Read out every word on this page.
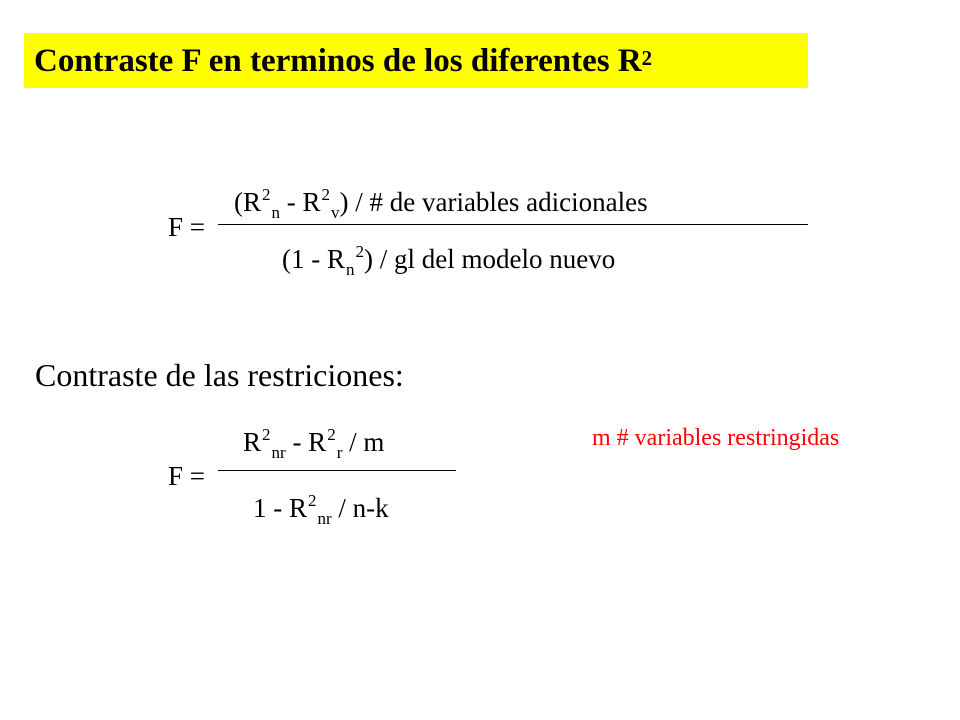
Contraste F en terminos de los diferentes $R^2$
F =
$(R^2_n - R^2_v)$ / # de variables adicionales
$(1 - R_n^2)$ / gl del modelo nuevo
Contraste de las restriciones:
F =
$R^2_{nr} - R^2_r$ / m
$1 - R^2_{nr} / n-k$
m # variables restringidas
